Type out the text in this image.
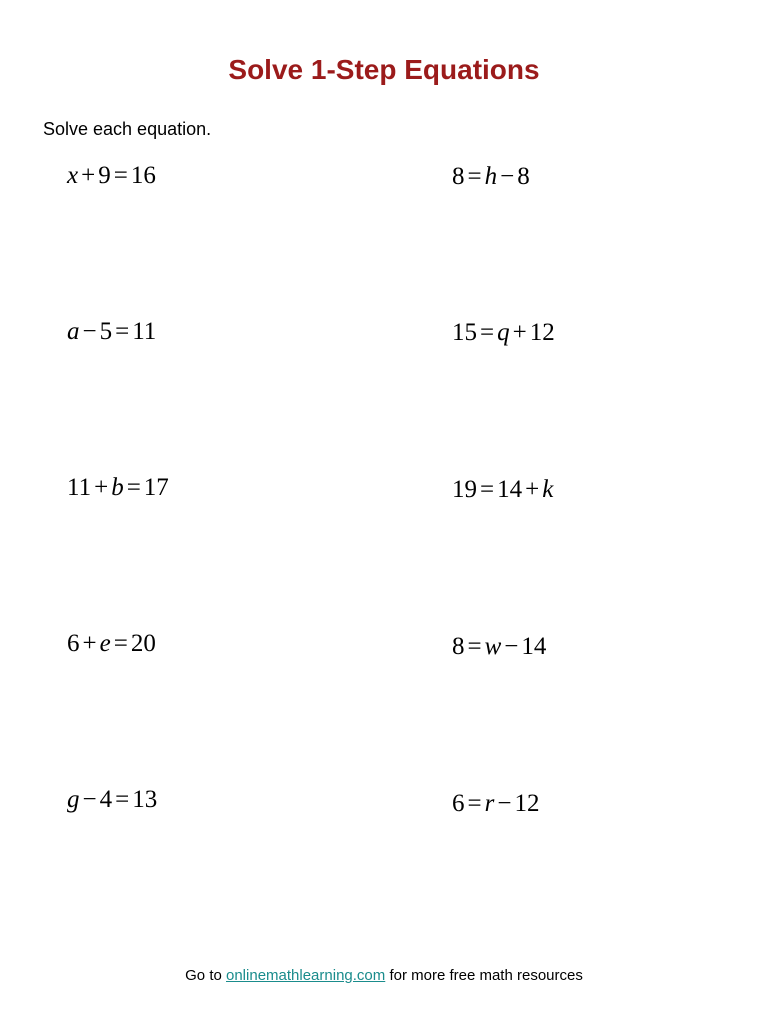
Solve 1-Step Equations
Solve each equation.
x + 9 = 16
a − 5 = 11
11 + b = 17
6 + e = 20
g − 4 = 13
8 = h − 8
15 = q + 12
19 = 14 + k
8 = w − 14
6 = r − 12
Go to onlinemathlearning.com for more free math resources
